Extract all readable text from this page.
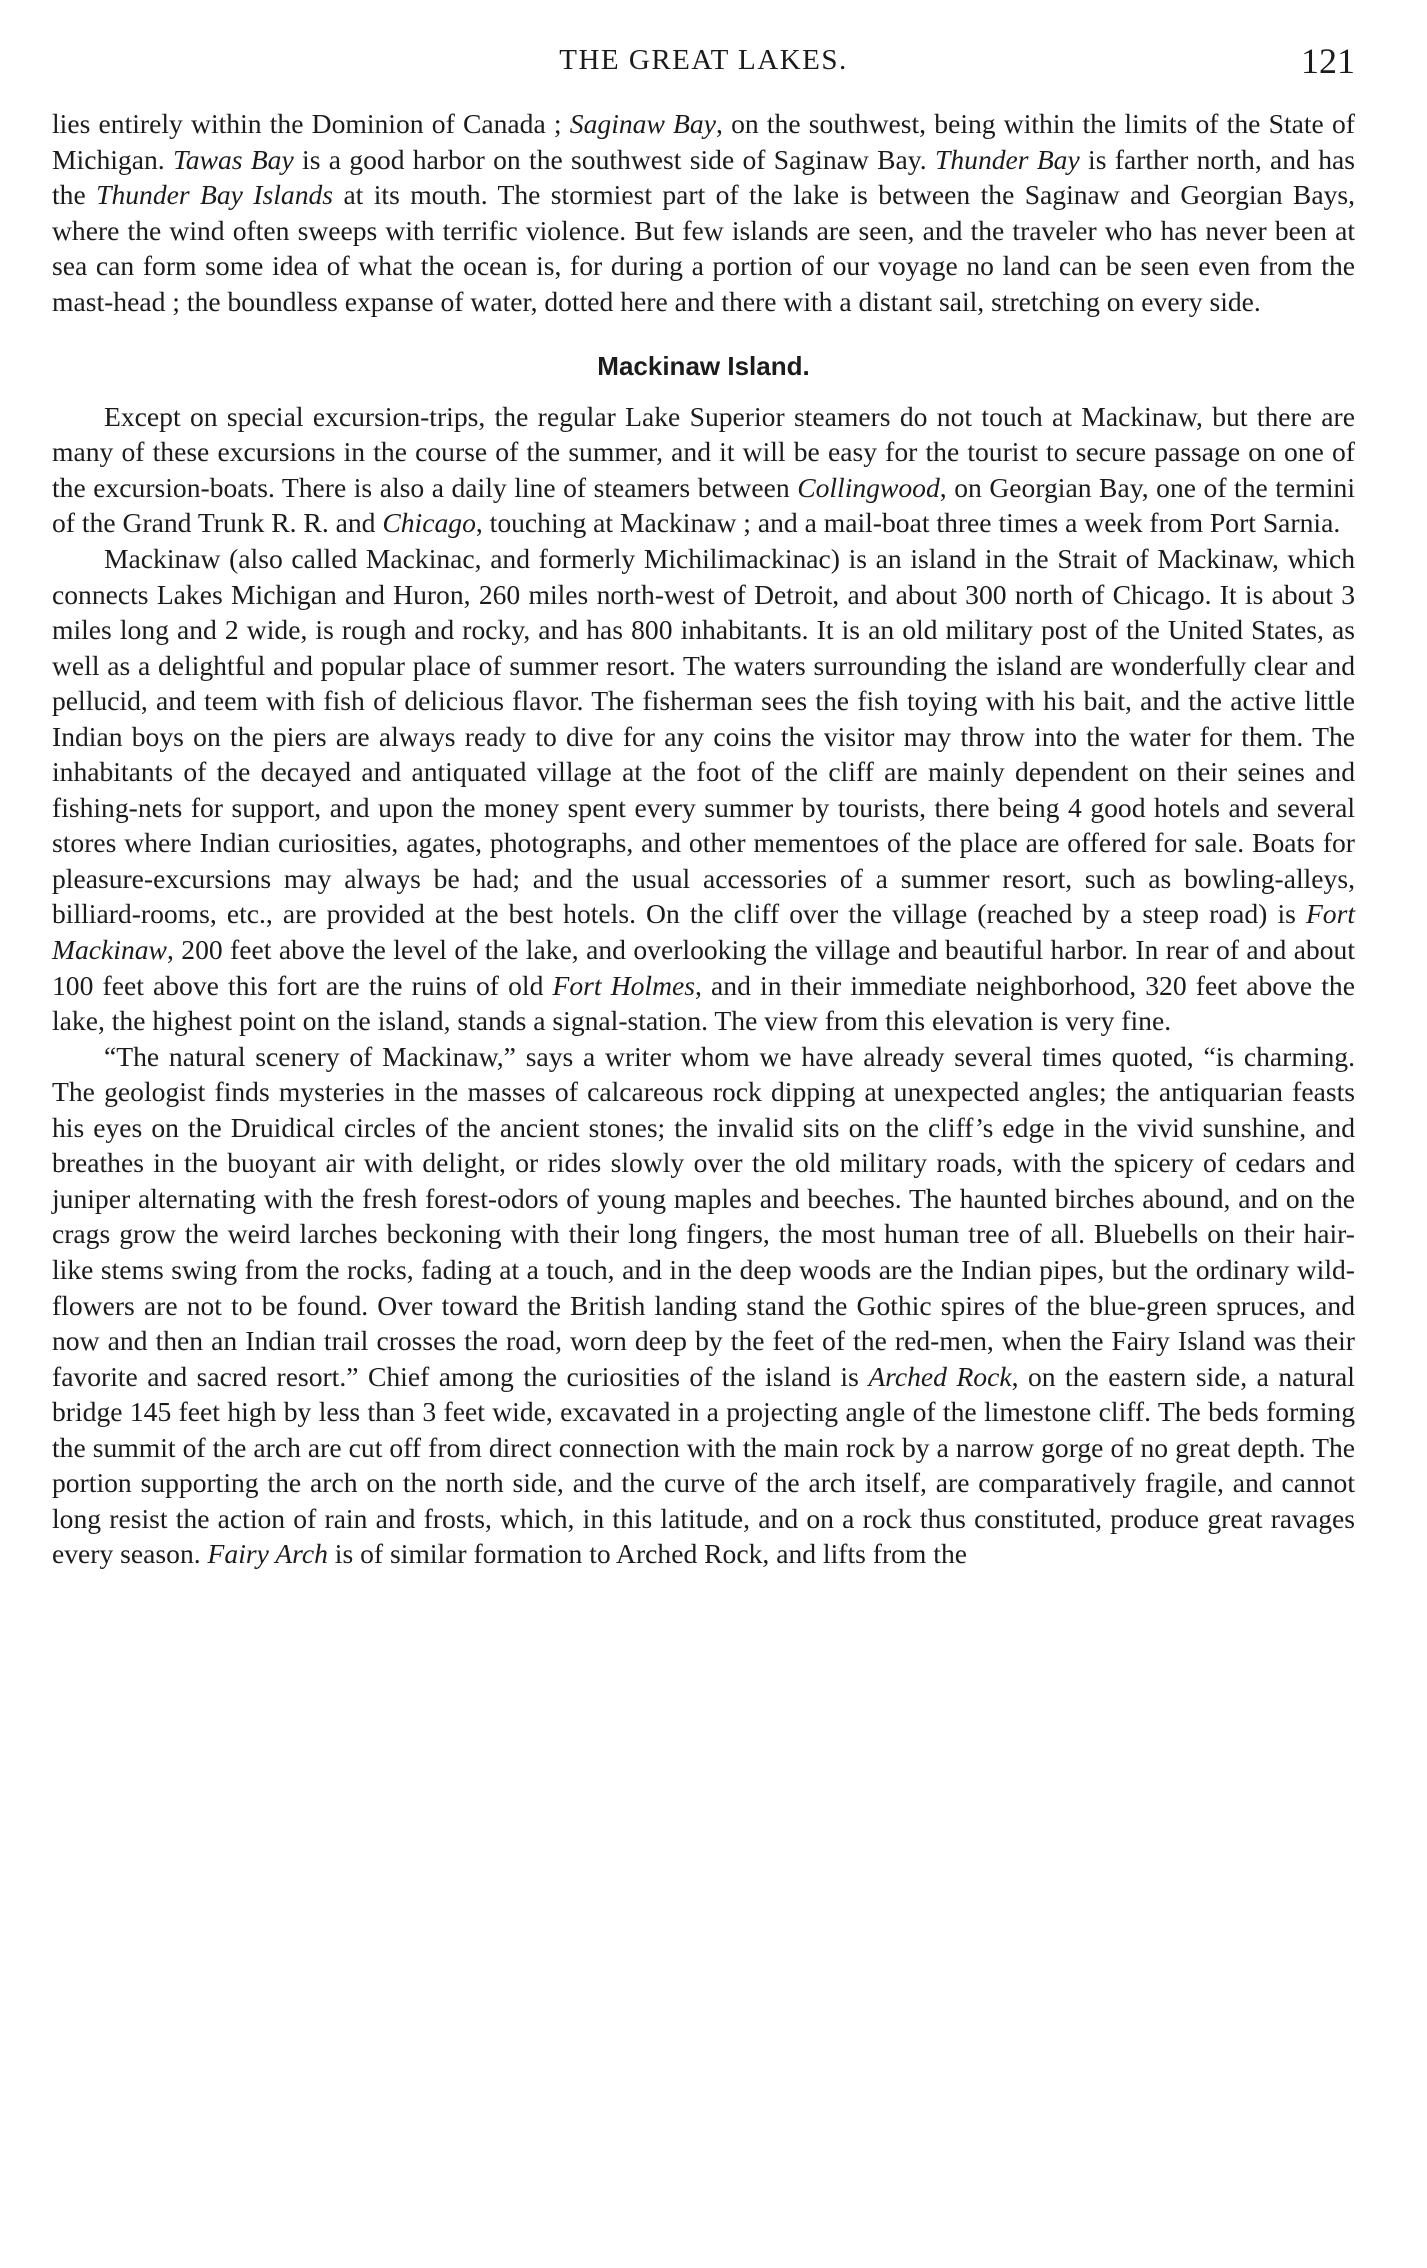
THE GREAT LAKES.	121

lies entirely within the Dominion of Canada ; Saginaw Bay, on the southwest, being within the limits of the State of Michigan. Tawas Bay is a good harbor on the southwest side of Saginaw Bay. Thunder Bay is farther north, and has the Thunder Bay Islands at its mouth. The stormiest part of the lake is between the Saginaw and Georgian Bays, where the wind often sweeps with terrific violence. But few islands are seen, and the traveler who has never been at sea can form some idea of what the ocean is, for during a portion of our voyage no land can be seen even from the mast-head ; the boundless expanse of water, dotted here and there with a distant sail, stretching on every side.

Mackinaw Island.

Except on special excursion-trips, the regular Lake Superior steamers do not touch at Mackinaw, but there are many of these excursions in the course of the summer, and it will be easy for the tourist to secure passage on one of the excursion-boats. There is also a daily line of steamers between Collingwood, on Georgian Bay, one of the termini of the Grand Trunk R. R. and Chicago, touching at Mackinaw ; and a mail-boat three times a week from Port Sarnia.

Mackinaw (also called Mackinac, and formerly Michilimackinac) is an island in the Strait of Mackinaw, which connects Lakes Michigan and Huron, 260 miles north-west of Detroit, and about 300 north of Chicago. It is about 3 miles long and 2 wide, is rough and rocky, and has 800 inhabitants. It is an old military post of the United States, as well as a delightful and popular place of summer resort. The waters surrounding the island are wonderfully clear and pellucid, and teem with fish of delicious flavor. The fisherman sees the fish toying with his bait, and the active little Indian boys on the piers are always ready to dive for any coins the visitor may throw into the water for them. The inhabitants of the decayed and antiquated village at the foot of the cliff are mainly dependent on their seines and fishing-nets for support, and upon the money spent every summer by tourists, there being 4 good hotels and several stores where Indian curiosities, agates, photographs, and other mementoes of the place are offered for sale. Boats for pleasure-excursions may always be had; and the usual accessories of a summer resort, such as bowling-alleys, billiard-rooms, etc., are provided at the best hotels. On the cliff over the village (reached by a steep road) is Fort Mackinaw, 200 feet above the level of the lake, and overlooking the village and beautiful harbor. In rear of and about 100 feet above this fort are the ruins of old Fort Holmes, and in their immediate neighborhood, 320 feet above the lake, the highest point on the island, stands a signal-station. The view from this elevation is very fine.

“The natural scenery of Mackinaw,” says a writer whom we have already several times quoted, “is charming. The geologist finds mysteries in the masses of calcareous rock dipping at unexpected angles; the antiquarian feasts his eyes on the Druidical circles of the ancient stones; the invalid sits on the cliff’s edge in the vivid sunshine, and breathes in the buoyant air with delight, or rides slowly over the old military roads, with the spicery of cedars and juniper alternating with the fresh forest-odors of young maples and beeches. The haunted birches abound, and on the crags grow the weird larches beckoning with their long fingers, the most human tree of all. Bluebells on their hair-like stems swing from the rocks, fading at a touch, and in the deep woods are the Indian pipes, but the ordinary wild-flowers are not to be found. Over toward the British landing stand the Gothic spires of the blue-green spruces, and now and then an Indian trail crosses the road, worn deep by the feet of the red-men, when the Fairy Island was their favorite and sacred resort.” Chief among the curiosities of the island is Arched Rock, on the eastern side, a natural bridge 145 feet high by less than 3 feet wide, excavated in a projecting angle of the limestone cliff. The beds forming the summit of the arch are cut off from direct connection with the main rock by a narrow gorge of no great depth. The portion supporting the arch on the north side, and the curve of the arch itself, are comparatively fragile, and cannot long resist the action of rain and frosts, which, in this latitude, and on a rock thus constituted, produce great ravages every season. Fairy Arch is of similar formation to Arched Rock, and lifts from the
